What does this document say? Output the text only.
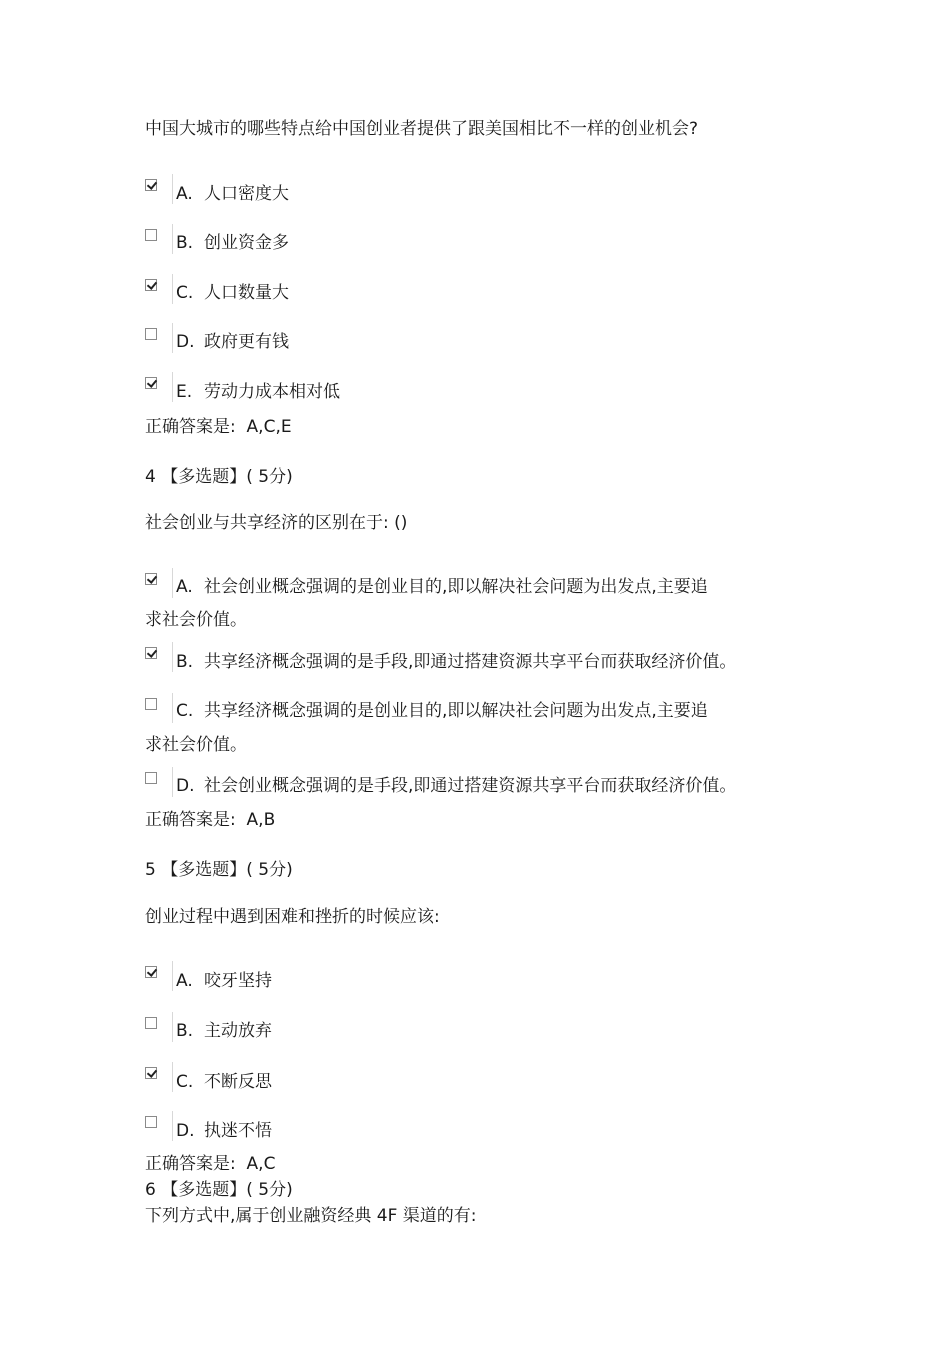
中国大城市的哪些特点给中国创业者提供了跟美国相比不一样的创业机会?
A. 人口密度大
B. 创业资金多
C. 人口数量大
D. 政府更有钱
E. 劳动力成本相对低
正确答案是: A,C,E
4 【多选题】( 5分)
社会创业与共享经济的区别在于: ()
A. 社会创业概念强调的是创业目的,即以解决社会问题为出发点,主要追
求社会价值。
B. 共享经济概念强调的是手段,即通过搭建资源共享平台而获取经济价值。
C. 共享经济概念强调的是创业目的,即以解决社会问题为出发点,主要追
求社会价值。
D. 社会创业概念强调的是手段,即通过搭建资源共享平台而获取经济价值。
正确答案是: A,B
5 【多选题】( 5分)
创业过程中遇到困难和挫折的时候应该:
A. 咬牙坚持
B. 主动放弃
C. 不断反思
D. 执迷不悟
正确答案是: A,C
6 【多选题】( 5分)
下列方式中,属于创业融资经典 4F 渠道的有:
